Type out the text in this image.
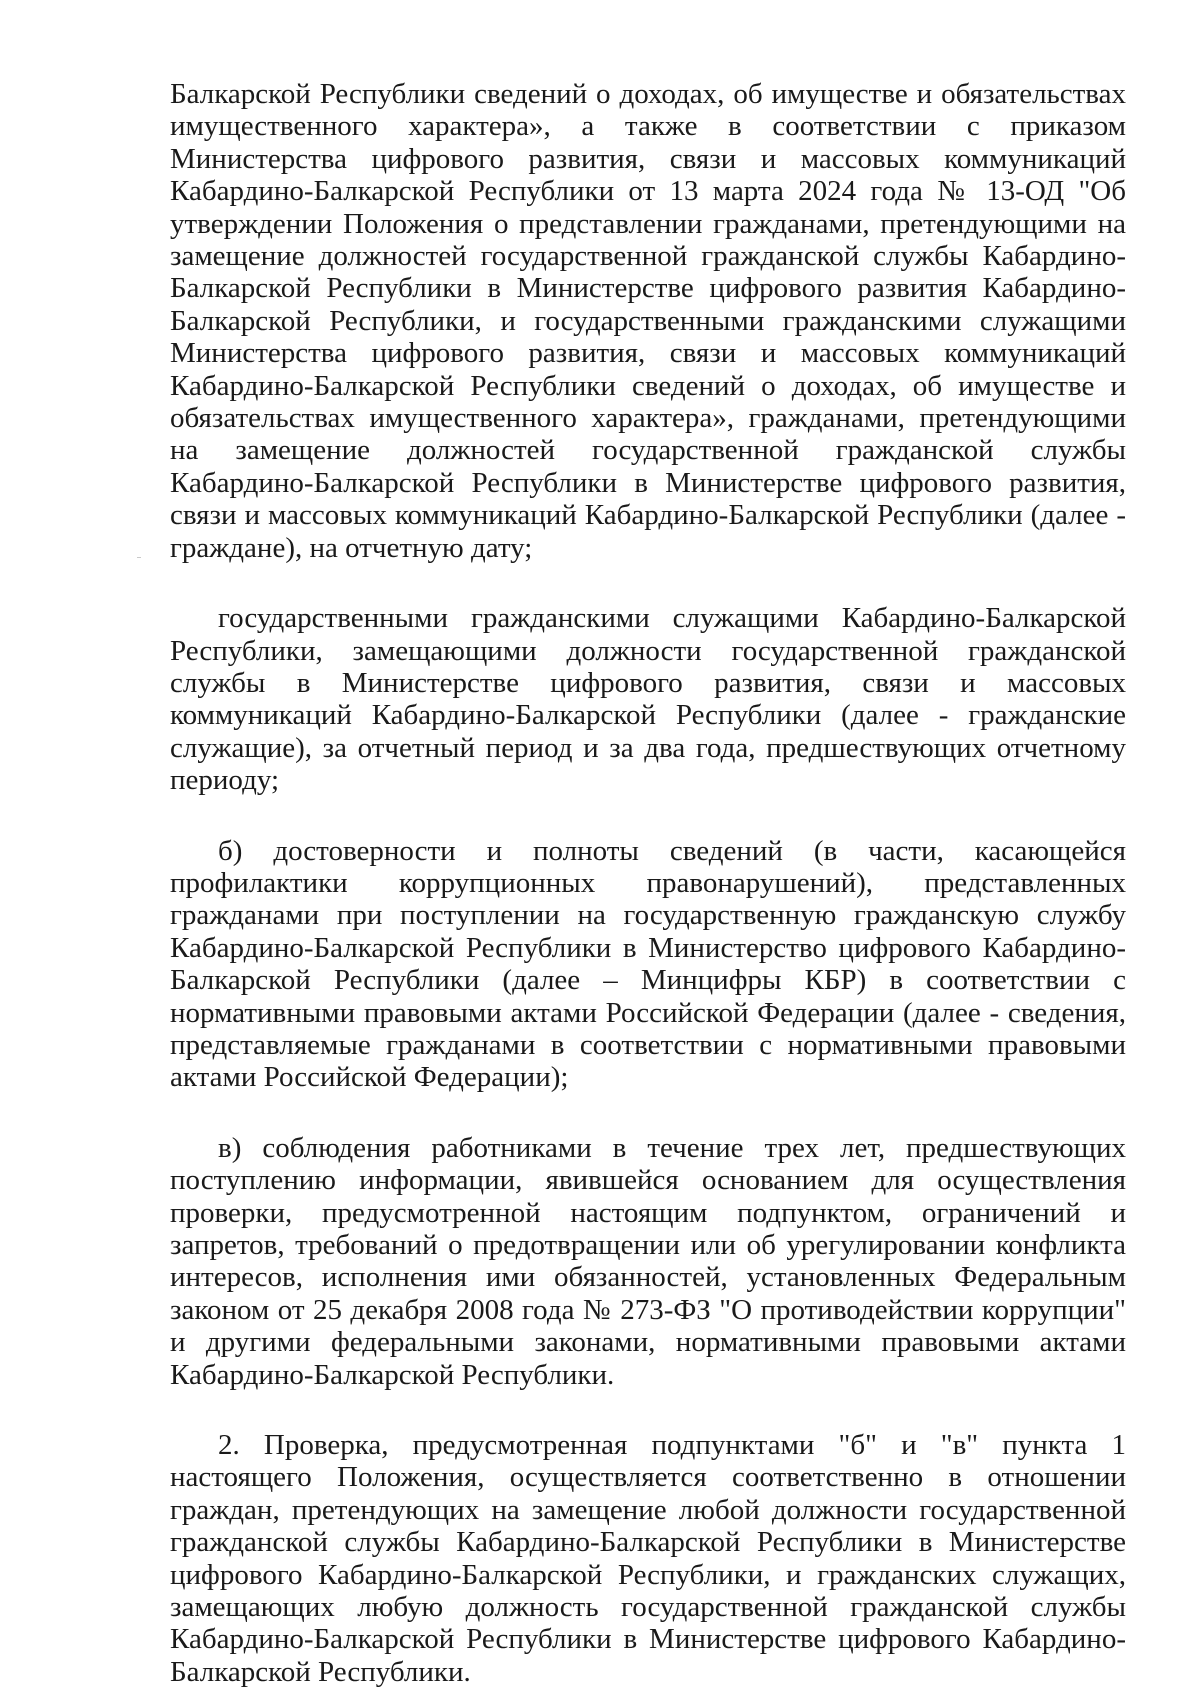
Балкарской Республики сведений о доходах, об имуществе и обязательствах имущественного характера», а также в соответствии с приказом Министерства цифрового развития, связи и массовых коммуникаций Кабардино-Балкарской Республики от 13 марта 2024 года № 13-ОД "Об утверждении Положения о представлении гражданами, претендующими на замещение должностей государственной гражданской службы Кабардино-Балкарской Республики в Министерстве цифрового развития Кабардино-Балкарской Республики, и государственными гражданскими служащими Министерства цифрового развития, связи и массовых коммуникаций Кабардино-Балкарской Республики сведений о доходах, об имуществе и обязательствах имущественного характера», гражданами, претендующими на замещение должностей государственной гражданской службы Кабардино-Балкарской Республики в Министерстве цифрового развития, связи и массовых коммуникаций Кабардино-Балкарской Республики (далее - граждане), на отчетную дату;

государственными гражданскими служащими Кабардино-Балкарской Республики, замещающими должности государственной гражданской службы в Министерстве цифрового развития, связи и массовых коммуникаций Кабардино-Балкарской Республики (далее - гражданские служащие), за отчетный период и за два года, предшествующих отчетному периоду;

б) достоверности и полноты сведений (в части, касающейся профилактики коррупционных правонарушений), представленных гражданами при поступлении на государственную гражданскую службу Кабардино-Балкарской Республики в Министерство цифрового Кабардино-Балкарской Республики (далее – Минцифры КБР) в соответствии с нормативными правовыми актами Российской Федерации (далее - сведения, представляемые гражданами в соответствии с нормативными правовыми актами Российской Федерации);

в) соблюдения работниками в течение трех лет, предшествующих поступлению информации, явившейся основанием для осуществления проверки, предусмотренной настоящим подпунктом, ограничений и запретов, требований о предотвращении или об урегулировании конфликта интересов, исполнения ими обязанностей, установленных Федеральным законом от 25 декабря 2008 года № 273-ФЗ "О противодействии коррупции" и другими федеральными законами, нормативными правовыми актами Кабардино-Балкарской Республики.

2. Проверка, предусмотренная подпунктами "б" и "в" пункта 1 настоящего Положения, осуществляется соответственно в отношении граждан, претендующих на замещение любой должности государственной гражданской службы Кабардино-Балкарской Республики в Министерстве цифрового Кабардино-Балкарской Республики, и гражданских служащих, замещающих любую должность государственной гражданской службы Кабардино-Балкарской Республики в Министерстве цифрового Кабардино-Балкарской Республики.
